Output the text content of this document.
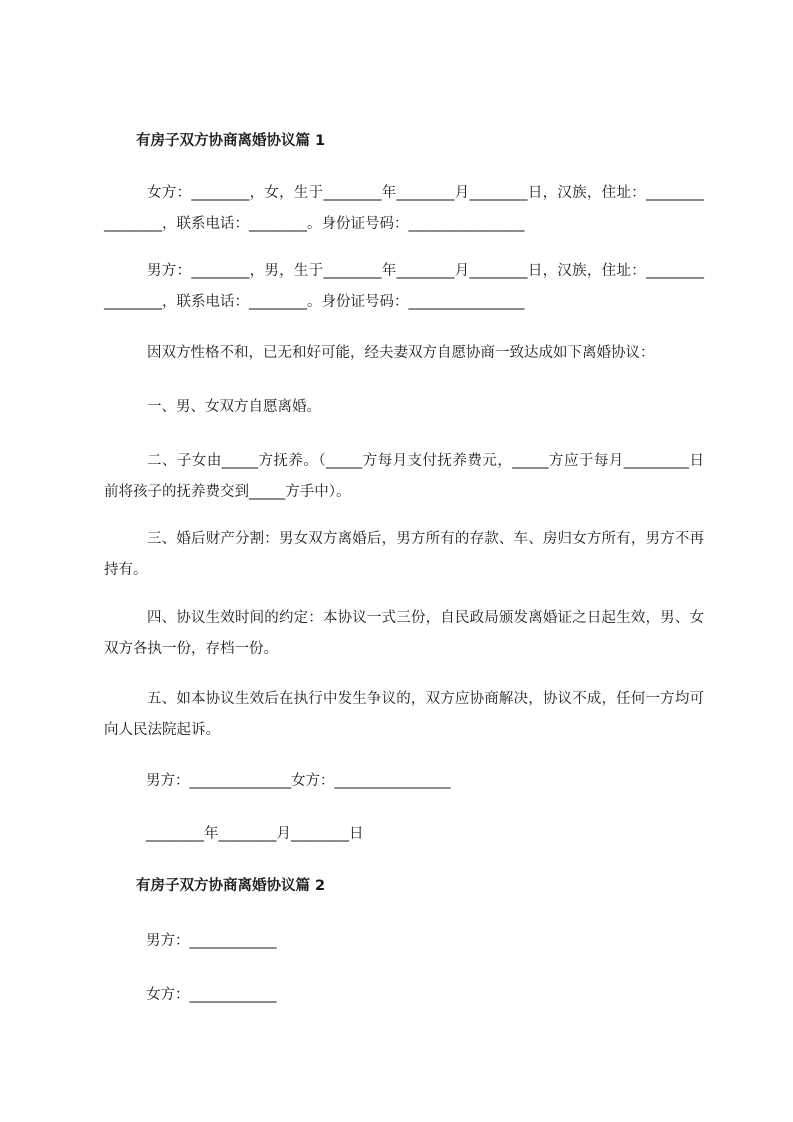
有房子双方协商离婚协议篇 1
女方：________，女，生于________年________月________日，汉族，住址：________________，联系电话：________。身份证号码：________________
男方：________，男，生于________年________月________日，汉族，住址：________________，联系电话：________。身份证号码：________________
因双方性格不和，已无和好可能，经夫妻双方自愿协商一致达成如下离婚协议：
一、男、女双方自愿离婚。
二、子女由_____方抚养。（_____方每月支付抚养费元，_____方应于每月_________日前将孩子的抚养费交到_____方手中）。
三、婚后财产分割：男女双方离婚后，男方所有的存款、车、房归女方所有，男方不再持有。
四、协议生效时间的约定：本协议一式三份，自民政局颁发离婚证之日起生效，男、女双方各执一份，存档一份。
五、如本协议生效后在执行中发生争议的，双方应协商解决，协议不成，任何一方均可向人民法院起诉。
男方：______________女方：________________
________年________月________日
有房子双方协商离婚协议篇 2
男方：____________
女方：____________
